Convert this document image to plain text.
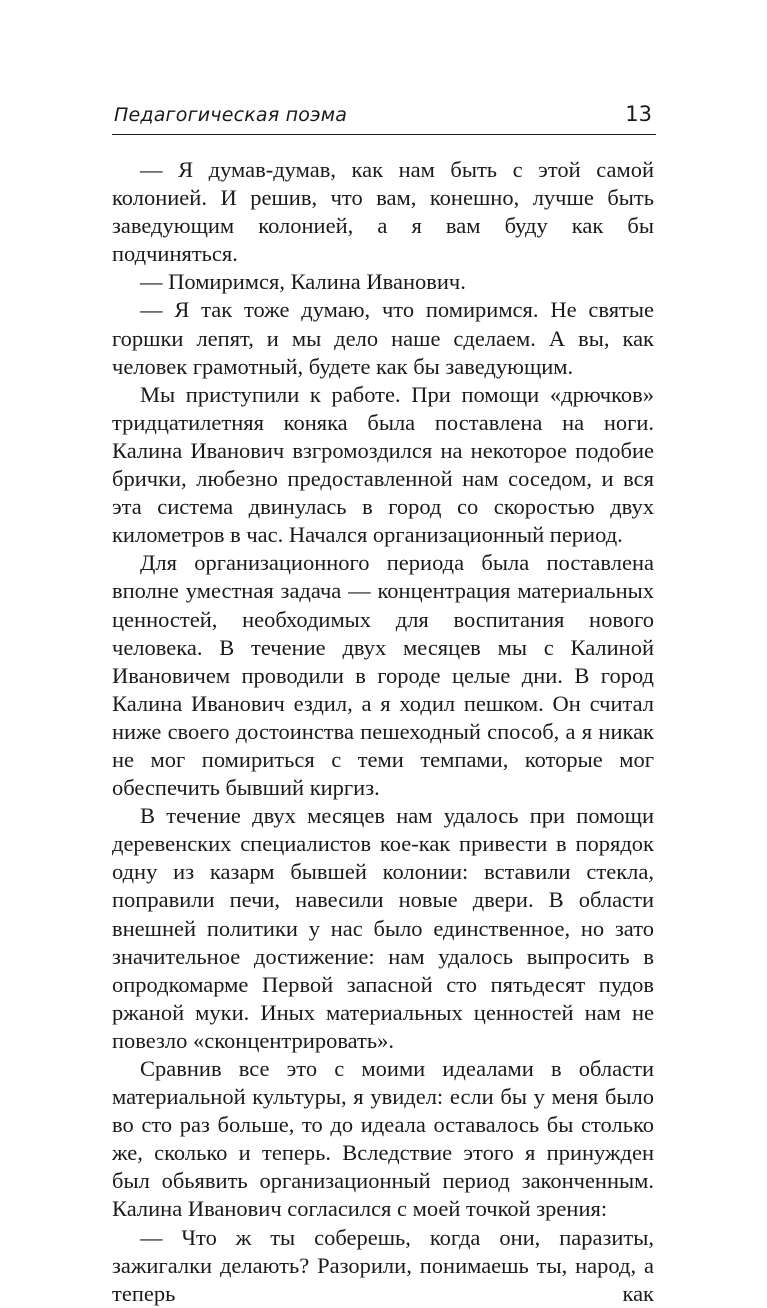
Педагогическая поэма	13

— Я думав-думав, как нам быть с этой самой колонией. И решив, что вам, конешно, лучше быть заведующим колонией, а я вам буду как бы подчиняться.

— Помиримся, Калина Иванович.

— Я так тоже думаю, что помиримся. Не святые горшки лепят, и мы дело наше сделаем. А вы, как человек грамотный, будете как бы заведующим.

Мы приступили к работе. При помощи «дрючков» тридцатилетняя коняка была поставлена на ноги. Калина Иванович взгромоздился на некоторое подобие брички, любезно предоставленной нам соседом, и вся эта система двинулась в город со скоростью двух километров в час. Начался организационный период.

Для организационного периода была поставлена вполне уместная задача — концентрация материальных ценностей, необходимых для воспитания нового человека. В течение двух месяцев мы с Калиной Ивановичем проводили в городе целые дни. В город Калина Иванович ездил, а я ходил пешком. Он считал ниже своего достоинства пешеходный способ, а я никак не мог помириться с теми темпами, которые мог обеспечить бывший киргиз.

В течение двух месяцев нам удалось при помощи деревенских специалистов кое-как привести в порядок одну из казарм бывшей колонии: вставили стекла, поправили печи, навесили новые двери. В области внешней политики у нас было единственное, но зато значительное достижение: нам удалось выпросить в опродкомарме Первой запасной сто пятьдесят пудов ржаной муки. Иных материальных ценностей нам не повезло «сконцентрировать».

Сравнив все это с моими идеалами в области материальной культуры, я увидел: если бы у меня было во сто раз больше, то до идеала оставалось бы столько же, сколько и теперь. Вследствие этого я принужден был обьявить организационный период законченным. Калина Иванович согласился с моей точкой зрения:

— Что ж ты соберешь, когда они, паразиты, зажигалки делають? Разорили, понимаешь ты, народ, а теперь как
